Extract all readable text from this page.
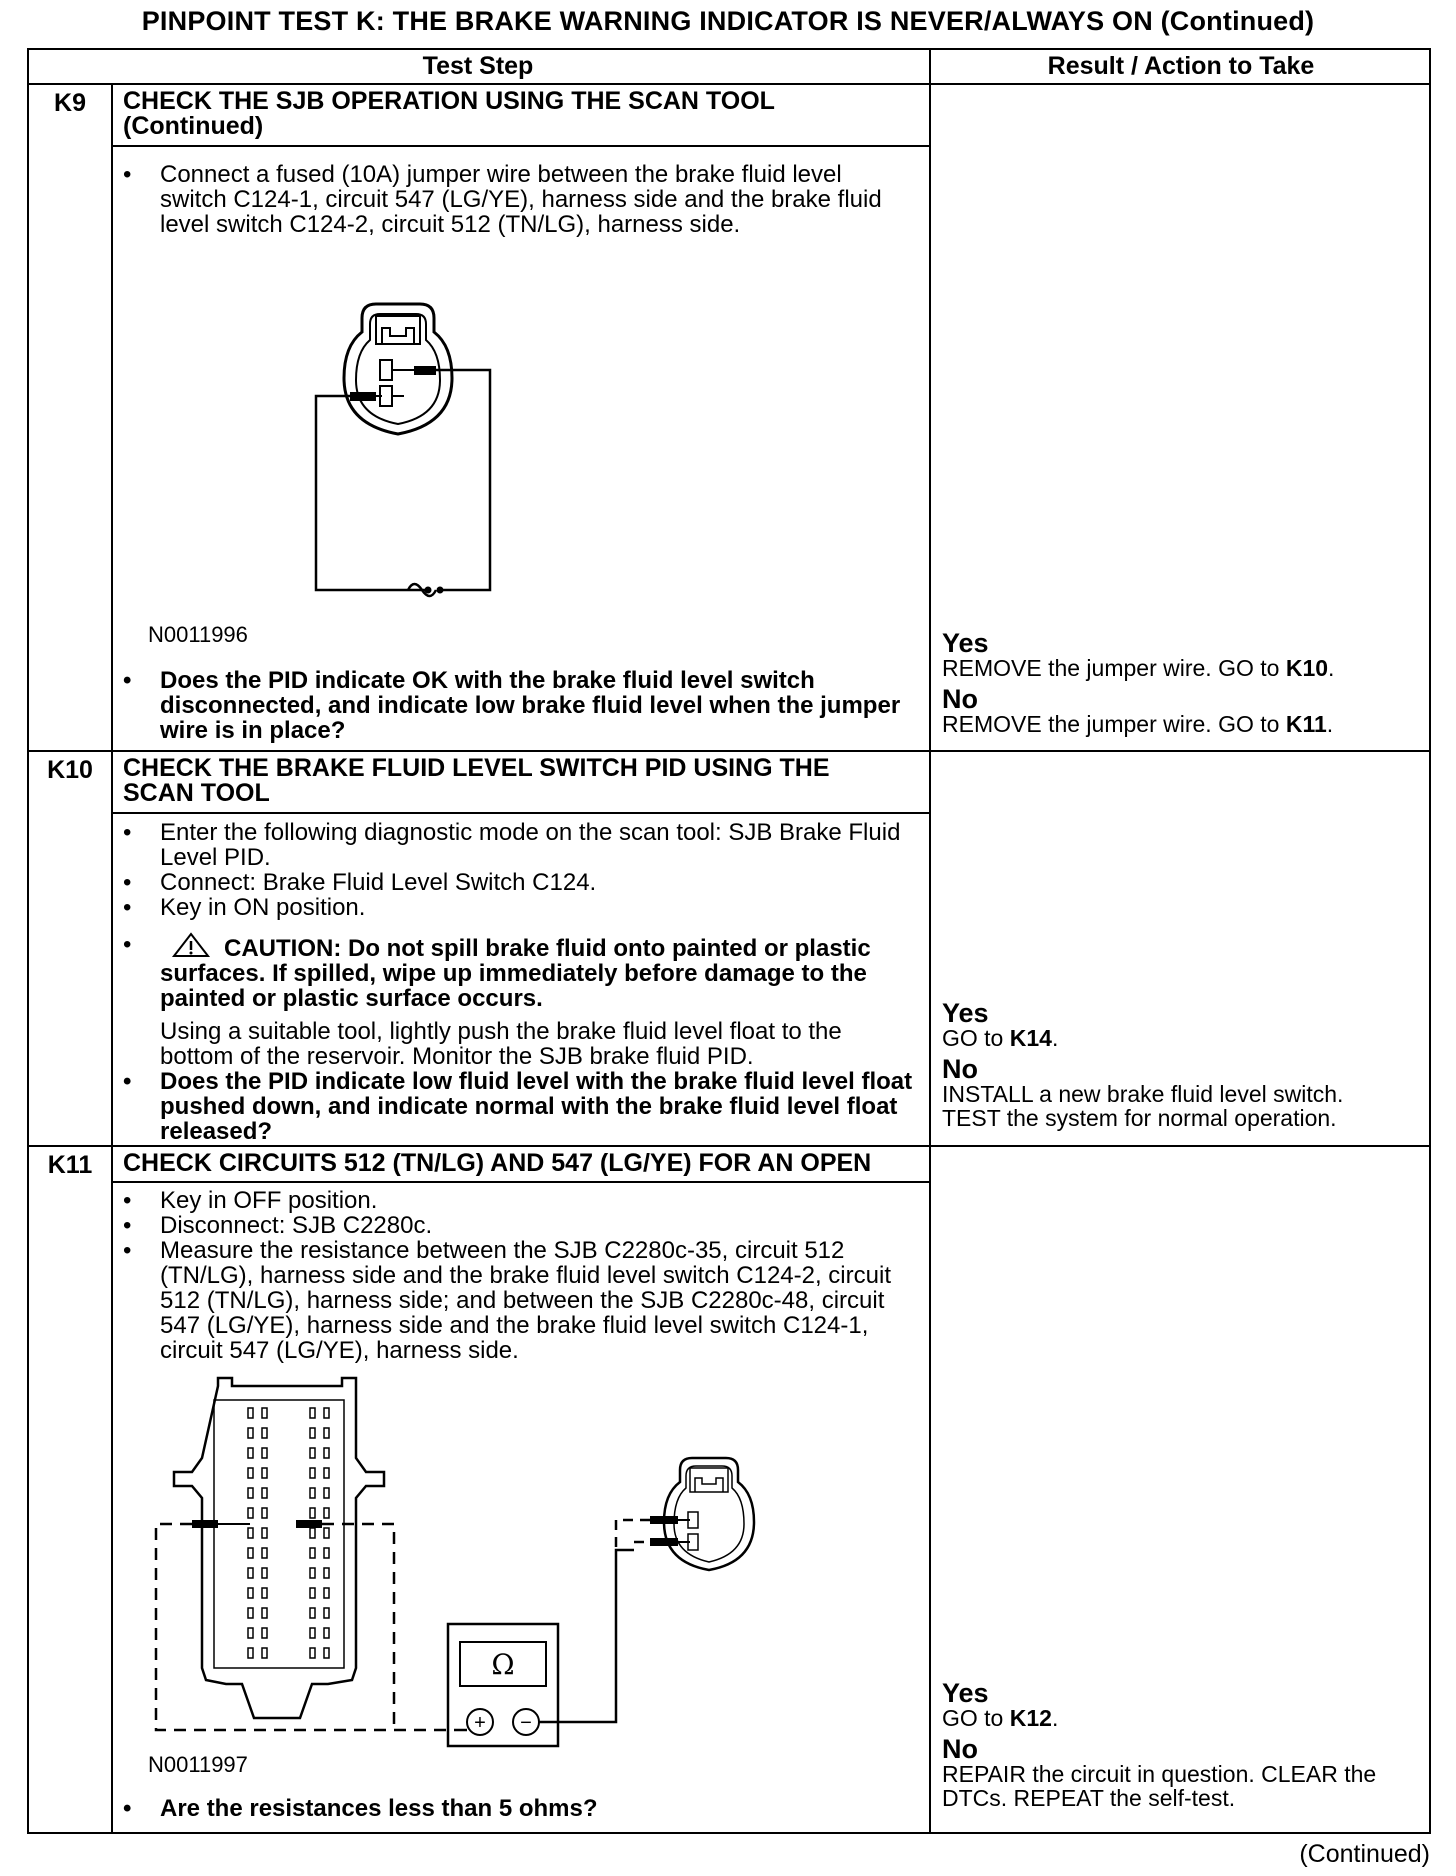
PINPOINT TEST K: THE BRAKE WARNING INDICATOR IS NEVER/ALWAYS ON (Continued)
Test Step	Result / Action to Take
K9	CHECK THE SJB OPERATION USING THE SCAN TOOL
(Continued)
• Connect a fused (10A) jumper wire between the brake fluid level switch C124-1, circuit 547 (LG/YE), harness side and the brake fluid level switch C124-2, circuit 512 (TN/LG), harness side.
N0011996
• Does the PID indicate OK with the brake fluid level switch disconnected, and indicate low brake fluid level when the jumper wire is in place?
Yes
REMOVE the jumper wire. GO to K10.
No
REMOVE the jumper wire. GO to K11.
K10	CHECK THE BRAKE FLUID LEVEL SWITCH PID USING THE
SCAN TOOL
• Enter the following diagnostic mode on the scan tool: SJB Brake Fluid Level PID.
• Connect: Brake Fluid Level Switch C124.
• Key in ON position.
• CAUTION: Do not spill brake fluid onto painted or plastic surfaces. If spilled, wipe up immediately before damage to the painted or plastic surface occurs.
Using a suitable tool, lightly push the brake fluid level float to the bottom of the reservoir. Monitor the SJB brake fluid PID.
• Does the PID indicate low fluid level with the brake fluid level float pushed down, and indicate normal with the brake fluid level float released?
Yes
GO to K14.
No
INSTALL a new brake fluid level switch.
TEST the system for normal operation.
K11	CHECK CIRCUITS 512 (TN/LG) AND 547 (LG/YE) FOR AN OPEN
• Key in OFF position.
• Disconnect: SJB C2280c.
• Measure the resistance between the SJB C2280c-35, circuit 512 (TN/LG), harness side and the brake fluid level switch C124-2, circuit 512 (TN/LG), harness side; and between the SJB C2280c-48, circuit 547 (LG/YE), harness side and the brake fluid level switch C124-1, circuit 547 (LG/YE), harness side.
Ω
+ −
N0011997
• Are the resistances less than 5 ohms?
Yes
GO to K12.
No
REPAIR the circuit in question. CLEAR the
DTCs. REPEAT the self-test.
(Continued)
